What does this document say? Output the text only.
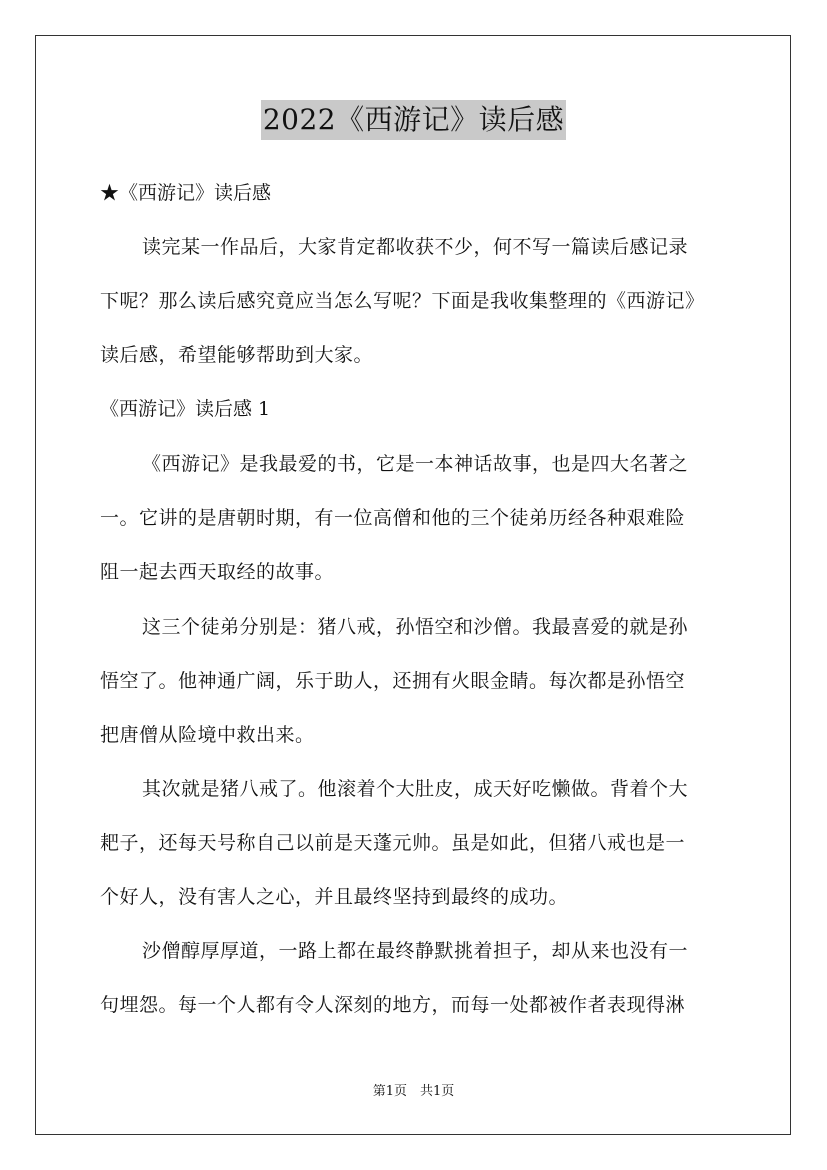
2022《西游记》读后感
★《西游记》读后感
读完某一作品后，大家肯定都收获不少，何不写一篇读后感记录
下呢？那么读后感究竟应当怎么写呢？下面是我收集整理的《西游记》
读后感，希望能够帮助到大家。
《西游记》读后感 1
《西游记》是我最爱的书，它是一本神话故事，也是四大名著之
一。它讲的是唐朝时期，有一位高僧和他的三个徒弟历经各种艰难险
阻一起去西天取经的故事。
这三个徒弟分别是：猪八戒，孙悟空和沙僧。我最喜爱的就是孙
悟空了。他神通广阔，乐于助人，还拥有火眼金睛。每次都是孙悟空
把唐僧从险境中救出来。
其次就是猪八戒了。他滚着个大肚皮，成天好吃懒做。背着个大
耙子，还每天号称自己以前是天蓬元帅。虽是如此，但猪八戒也是一
个好人，没有害人之心，并且最终坚持到最终的成功。
沙僧醇厚厚道，一路上都在最终静默挑着担子，却从来也没有一
句埋怨。每一个人都有令人深刻的地方，而每一处都被作者表现得淋
第1页　共1页
